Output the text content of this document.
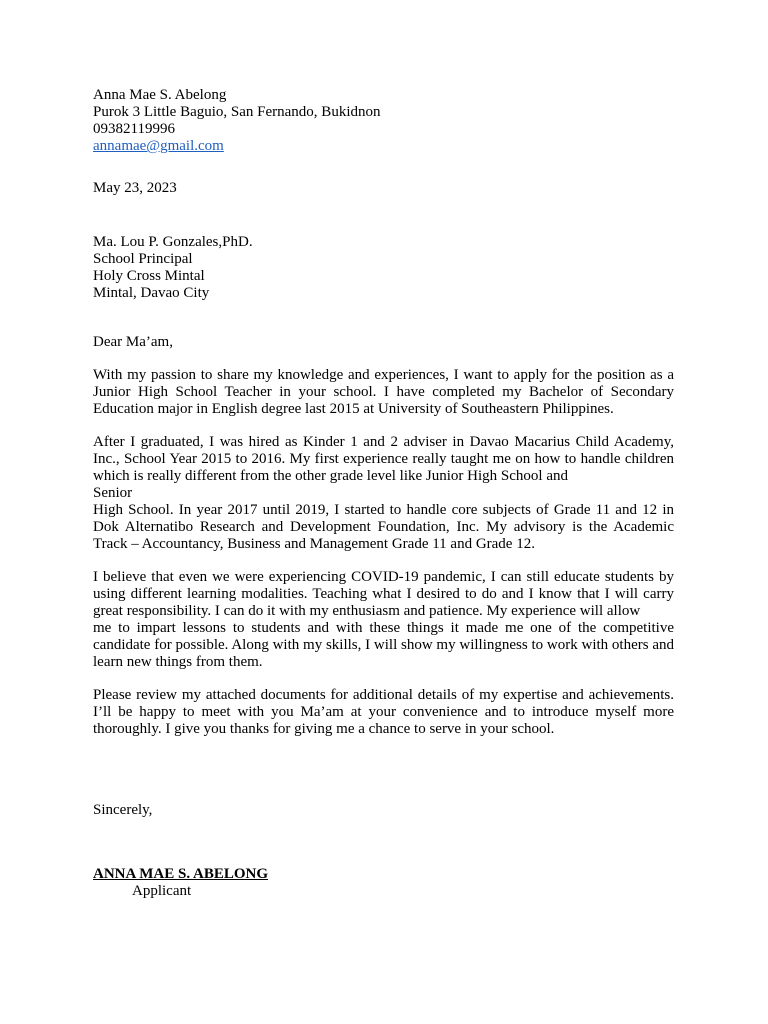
Anna Mae S. Abelong
Purok 3 Little Baguio, San Fernando, Bukidnon
09382119996
annamae@gmail.com
May 23, 2023
Ma. Lou P. Gonzales,PhD.
School Principal
Holy Cross Mintal
Mintal, Davao City
Dear Ma’am,

With my passion to share my knowledge and experiences, I want to apply for the position as a Junior High School Teacher in your school. I have completed my Bachelor of Secondary Education major in English degree last 2015 at University of Southeastern Philippines.

After I graduated, I was hired as Kinder 1 and 2 adviser in Davao Macarius Child Academy, Inc., School Year 2015 to 2016. My first experience really taught me on how to handle children which is really different from the other grade level like Junior High School and

Senior

High School. In year 2017 until 2019, I started to handle core subjects of Grade 11 and 12 in Dok Alternatibo Research and Development Foundation, Inc. My advisory is the Academic Track – Accountancy, Business and Management Grade 11 and Grade 12.

I believe that even we were experiencing COVID-19 pandemic, I can still educate students by using different learning modalities. Teaching what I desired to do and I know that I will carry great responsibility. I can do it with my enthusiasm and patience. My experience will allow

me to impart lessons to students and with these things it made me one of the competitive candidate for possible. Along with my skills, I will show my willingness to work with others and learn new things from them.

Please review my attached documents for additional details of my expertise and achievements. I’ll be happy to meet with you Ma’am at your convenience and to introduce myself more thoroughly. I give you thanks for giving me a chance to serve in your school.

Sincerely,
ANNA MAE S. ABELONG
Applicant
